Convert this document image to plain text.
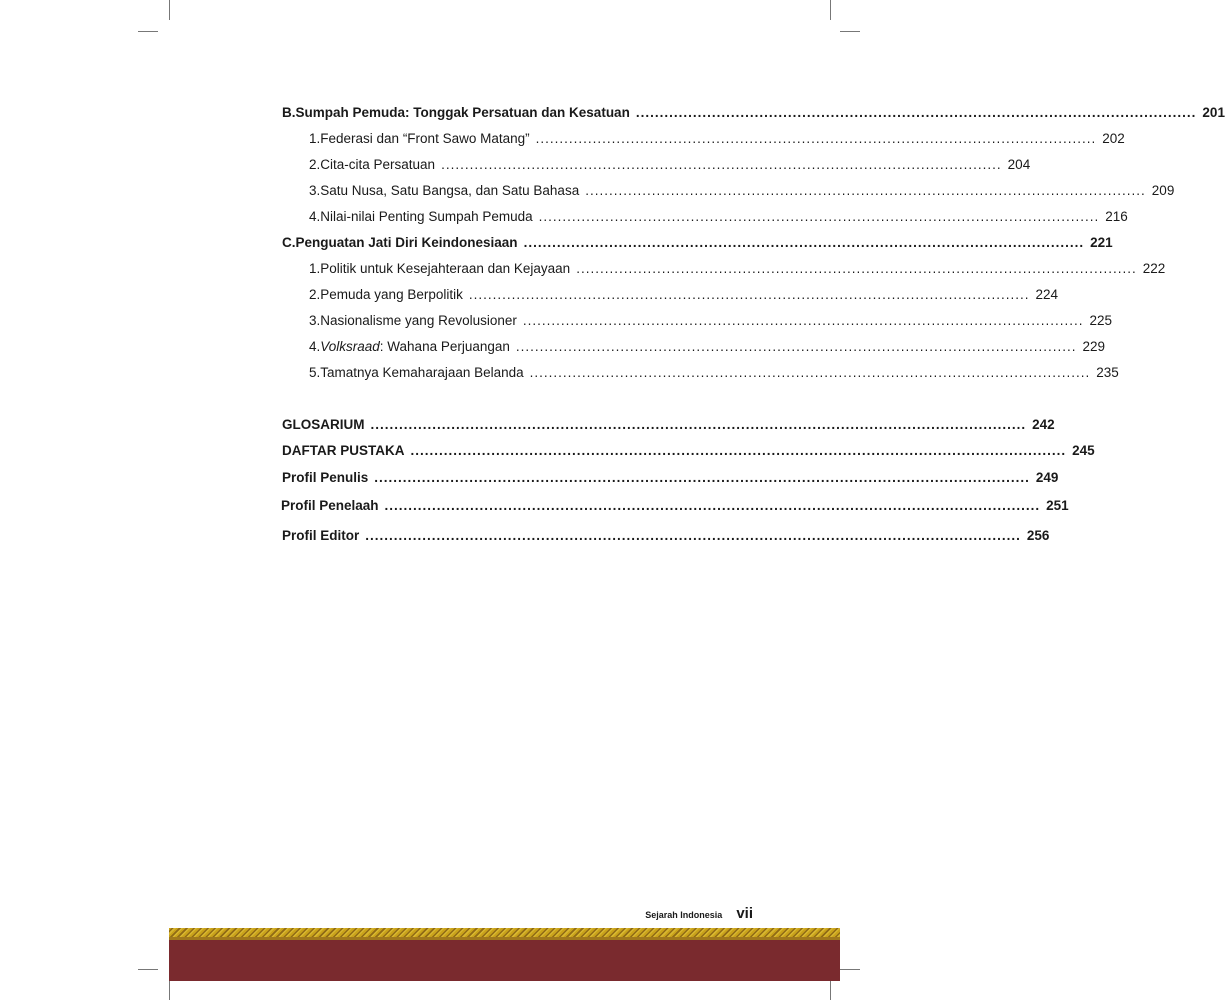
B. Sumpah Pemuda: Tonggak Persatuan dan Kesatuan ...................................................................................................................... 201
1. Federasi dan “Front Sawo Matang” ...................................................................................................................... 202
2. Cita-cita Persatuan ...................................................................................................................... 204
3. Satu Nusa, Satu Bangsa, dan Satu Bahasa ...................................................................................................................... 209
4. Nilai-nilai Penting Sumpah Pemuda ...................................................................................................................... 216
C. Penguatan Jati Diri Keindonesiaan ...................................................................................................................... 221
1. Politik untuk Kesejahteraan dan Kejayaan ...................................................................................................................... 222
2. Pemuda yang Berpolitik ...................................................................................................................... 224
3. Nasionalisme yang Revolusioner ...................................................................................................................... 225
4. Volksraad: Wahana Perjuangan ...................................................................................................................... 229
5. Tamatnya Kemaharajaan Belanda ...................................................................................................................... 235
GLOSARIUM .......................................................................................................................................... 242
DAFTAR PUSTAKA .......................................................................................................................................... 245
Profil Penulis .......................................................................................................................................... 249
Profil Penelaah .......................................................................................................................................... 251
Profil Editor .......................................................................................................................................... 256
Sejarah Indonesia vii
